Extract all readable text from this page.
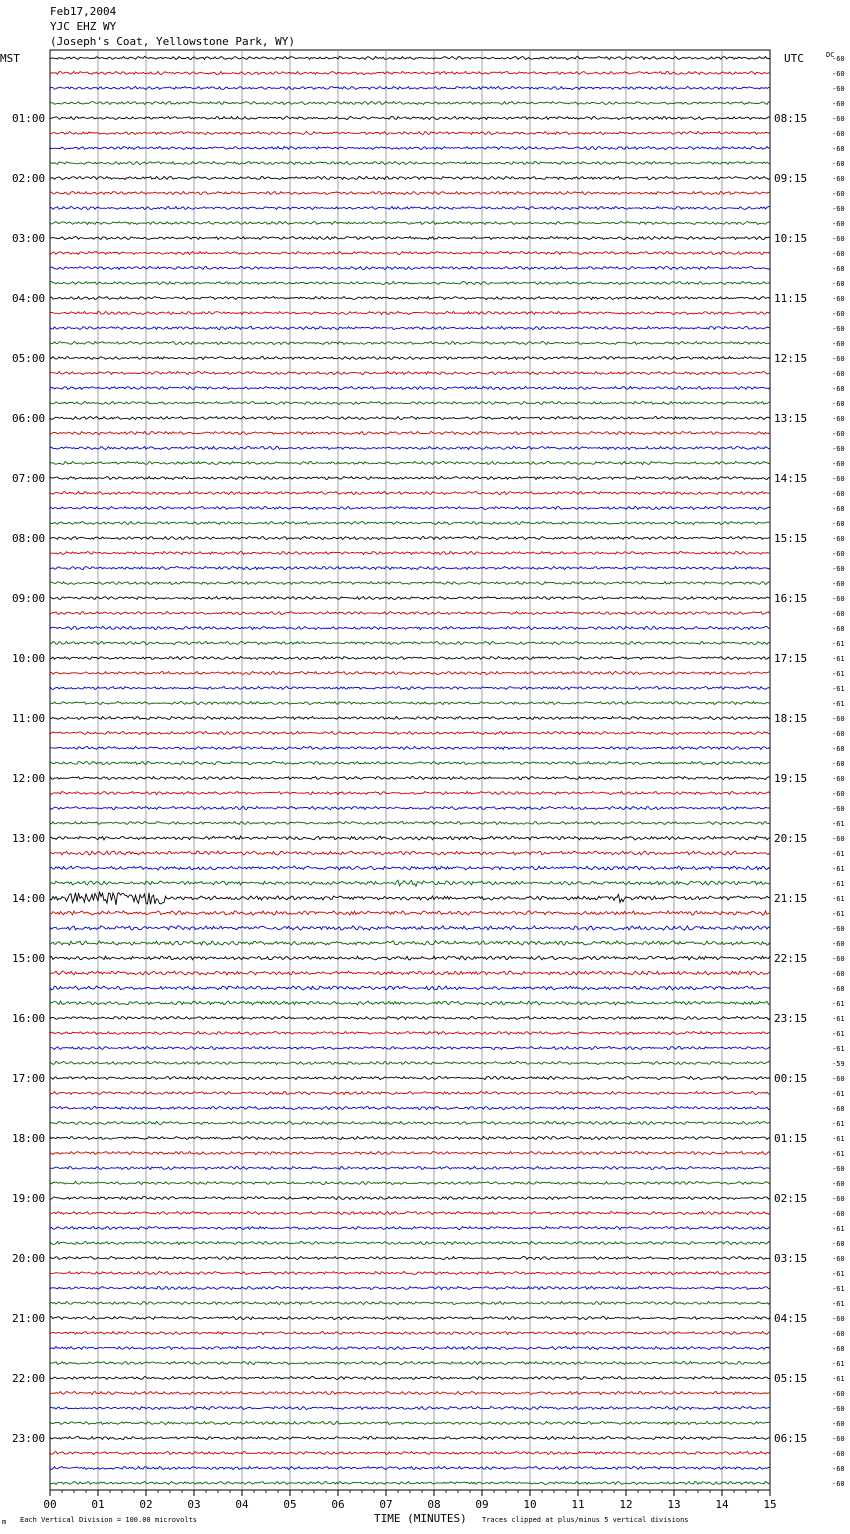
Feb17,2004
YJC EHZ WY
(Joseph's Coat, Yellowstone Park, WY)
01:00
02:00
03:00
04:00
05:00
06:00
07:00
08:00
09:00
10:00
11:00
12:00
13:00
14:00
15:00
16:00
17:00
18:00
19:00
20:00
21:00
22:00
23:00
08:15
09:15
10:15
11:15
12:15
13:15
14:15
15:15
16:15
17:15
18:15
19:15
20:15
21:15
22:15
23:15
00:15
01:15
02:15
03:15
04:15
05:15
06:15
MST	UTC	DC
-60
-60
-60
-60
-60
-60
-60
-60
-60
-60
-60
-60
-60
-60
-60
-60
-60
-60
-60
-60
-60
-60
-60
-60
-60
-60
-60
-60
-60
-60
-60
-60
-60
-60
-60
-60
-60
-60
-60
-61
-61
-61
-61
-61
-60
-60
-60
-60
-60
-60
-60
-61
-60
-61
-61
-61
-61
-61
-60
-60
-60
-60
-60
-61
-61
-61
-61
-59
-60
-61
-60
-61
-61
-61
-60
-60
-60
-60
-61
-60
-60
-61
-61
-61
-60
-60
-60
-61
-61
-60
-60
-60
-60
-60
-60
-60
00	01	02	03	04	05	06	07	08	09	10	11	12	13	14	15
Each Vertical Division = 100.00 microvolts	TIME (MINUTES) Traces clipped at plus/minus 5 vertical divisions
m
